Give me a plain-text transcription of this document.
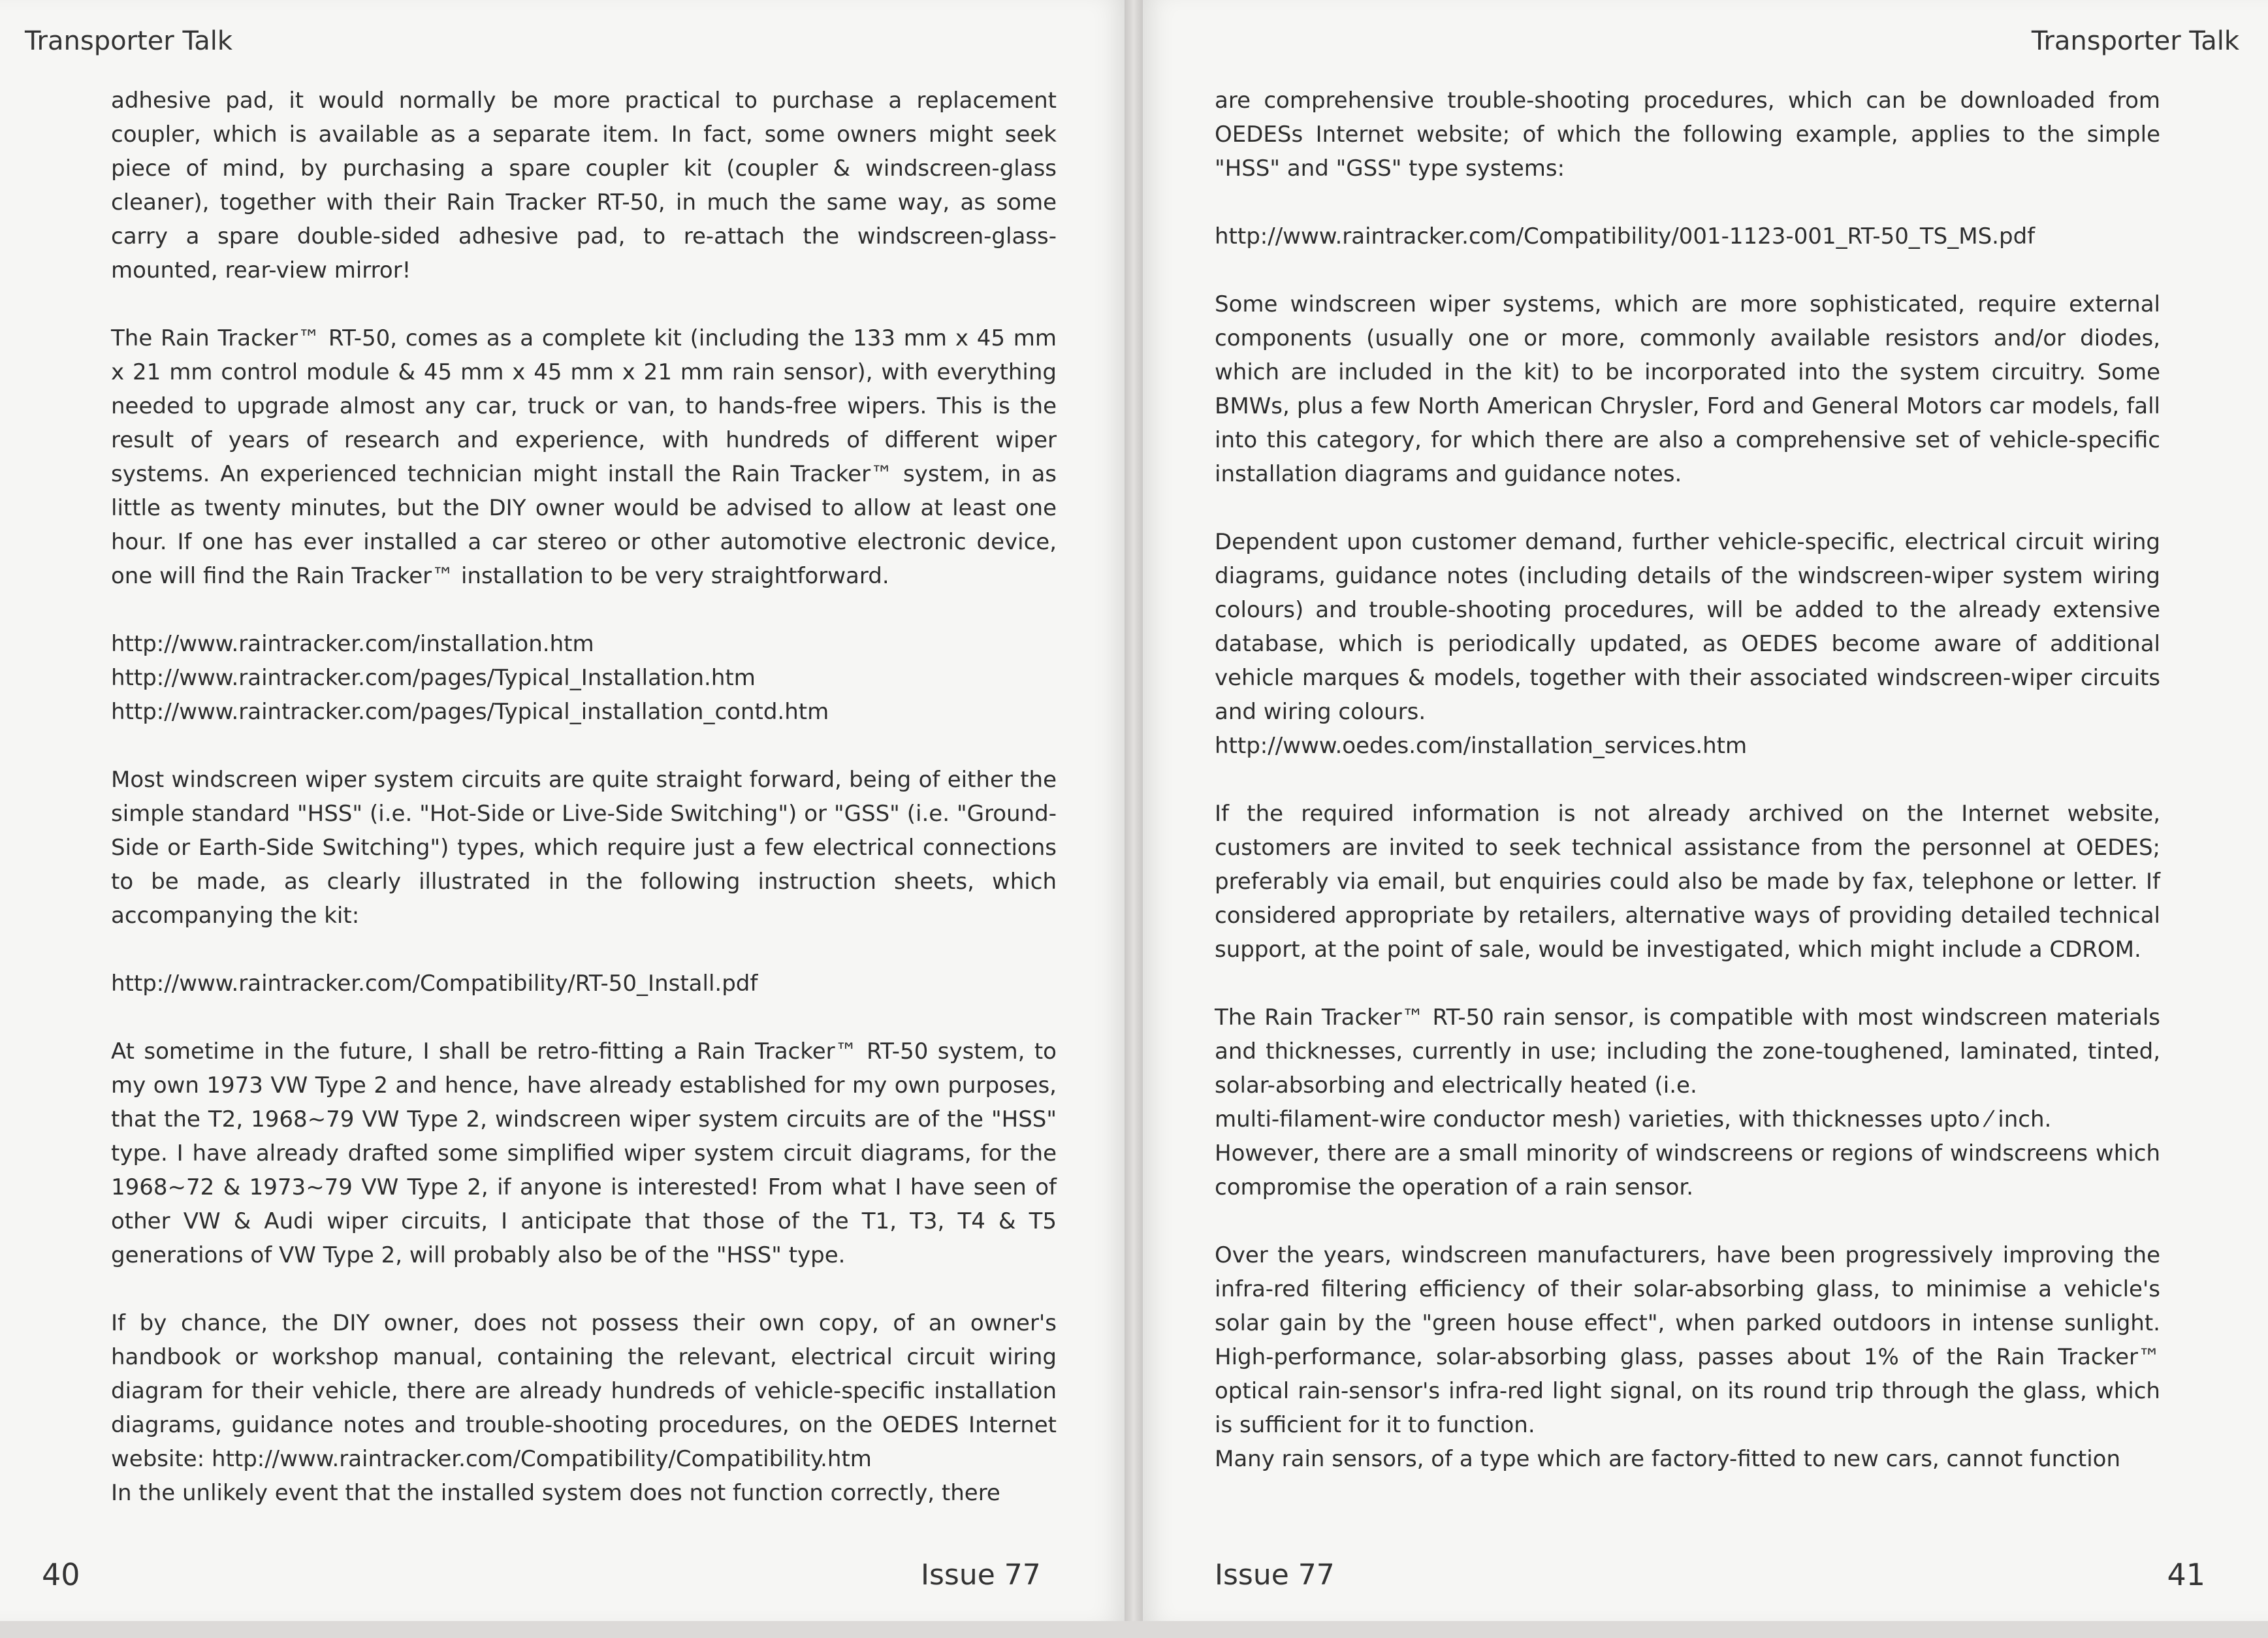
Transporter Talk

adhesive pad, it would normally be more practical to purchase a replacement coupler, which is available as a separate item. In fact, some owners might seek piece of mind, by purchasing a spare coupler kit (coupler & windscreen-glass cleaner), together with their Rain Tracker RT-50, in much the same way, as some carry a spare double-sided adhesive pad, to re-attach the windscreen-glass-mounted, rear-view mirror!

The Rain Tracker™ RT-50, comes as a complete kit (including the 133 mm x 45 mm x 21 mm control module & 45 mm x 45 mm x 21 mm rain sensor), with everything needed to upgrade almost any car, truck or van, to hands-free wipers. This is the result of years of research and experience, with hundreds of different wiper systems. An experienced technician might install the Rain Tracker™ system, in as little as twenty minutes, but the DIY owner would be advised to allow at least one hour. If one has ever installed a car stereo or other automotive electronic device, one will find the Rain Tracker™ installation to be very straightforward.

http://www.raintracker.com/installation.htm
http://www.raintracker.com/pages/Typical_Installation.htm
http://www.raintracker.com/pages/Typical_installation_contd.htm

Most windscreen wiper system circuits are quite straight forward, being of either the simple standard "HSS" (i.e. "Hot-Side or Live-Side Switching") or "GSS" (i.e. "Ground-Side or Earth-Side Switching") types, which require just a few electrical connections to be made, as clearly illustrated in the following instruction sheets, which accompanying the kit:

http://www.raintracker.com/Compatibility/RT-50_Install.pdf

At sometime in the future, I shall be retro-fitting a Rain Tracker™ RT-50 system, to my own 1973 VW Type 2 and hence, have already established for my own purposes, that the T2, 1968~79 VW Type 2, windscreen wiper system circuits are of the "HSS" type. I have already drafted some simplified wiper system circuit diagrams, for the 1968~72 & 1973~79 VW Type 2, if anyone is interested! From what I have seen of other VW & Audi wiper circuits, I anticipate that those of the T1, T3, T4 & T5 generations of VW Type 2, will probably also be of the "HSS" type.

If by chance, the DIY owner, does not possess their own copy, of an owner's handbook or workshop manual, containing the relevant, electrical circuit wiring diagram for their vehicle, there are already hundreds of vehicle-specific installation diagrams, guidance notes and trouble-shooting procedures, on the OEDES Internet website: http://www.raintracker.com/Compatibility/Compatibility.htm

In the unlikely event that the installed system does not function correctly, there

40	Issue 77
Transporter Talk

are comprehensive trouble-shooting procedures, which can be downloaded from OEDESs Internet website; of which the following example, applies to the simple "HSS" and "GSS" type systems:

http://www.raintracker.com/Compatibility/001-1123-001_RT-50_TS_MS.pdf

Some windscreen wiper systems, which are more sophisticated, require external components (usually one or more, commonly available resistors and/or diodes, which are included in the kit) to be incorporated into the system circuitry. Some BMWs, plus a few North American Chrysler, Ford and General Motors car models, fall into this category, for which there are also a comprehensive set of vehicle-specific installation diagrams and guidance notes.

Dependent upon customer demand, further vehicle-specific, electrical circuit wiring diagrams, guidance notes (including details of the windscreen-wiper system wiring colours) and trouble-shooting procedures, will be added to the already extensive database, which is periodically updated, as OEDES become aware of additional vehicle marques & models, together with their associated windscreen-wiper circuits and wiring colours.

http://www.oedes.com/installation_services.htm

If the required information is not already archived on the Internet website, customers are invited to seek technical assistance from the personnel at OEDES; preferably via email, but enquiries could also be made by fax, telephone or letter. If considered appropriate by retailers, alternative ways of providing detailed technical support, at the point of sale, would be investigated, which might include a CDROM.

The Rain Tracker™ RT-50 rain sensor, is compatible with most windscreen materials and thicknesses, currently in use; including the zone-toughened, laminated, tinted, solar-absorbing and electrically heated (i.e.

multi-filament-wire conductor mesh) varieties, with thicknesses upto ⁄ inch.

However, there are a small minority of windscreens or regions of windscreens which compromise the operation of a rain sensor.

Over the years, windscreen manufacturers, have been progressively improving the infra-red filtering efficiency of their solar-absorbing glass, to minimise a vehicle's solar gain by the "green house effect", when parked outdoors in intense sunlight. High-performance, solar-absorbing glass, passes about 1% of the Rain Tracker™ optical rain-sensor's infra-red light signal, on its round trip through the glass, which is sufficient for it to function.

Many rain sensors, of a type which are factory-fitted to new cars, cannot function

Issue 77	41
